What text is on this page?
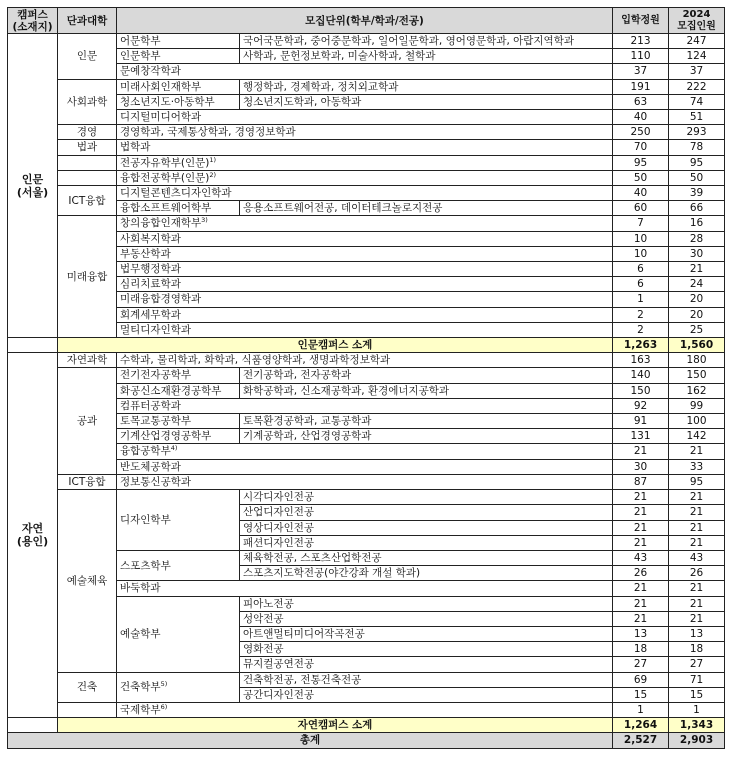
캠퍼스
(소재지)	단과대학	모집단위(학부/학과/전공)		입학정원	2024
모집인원
인문
(서울)	인문	어문학부	국어국문학과, 중어중문학과, 일어일문학과, 영어영문학과, 아랍지역학과	213	247
		인문학부	사학과, 문헌정보학과, 미술사학과, 철학과	110	124
		문예창작학과		37	37
	사회과학	미래사회인재학부	행정학과, 경제학과, 정치외교학과	191	222
		청소년지도·아동학부	청소년지도학과, 아동학과	63	74
		디지털미디어학과		40	51
	경영	경영학과, 국제통상학과, 경영정보학과		250	293
	법과	법학과		70	78
		전공자유학부(인문)$^{1)}$		95	95
		융합전공학부(인문)$^{2)}$		50	50
	ICT융합	디지털콘텐츠디자인학과		40	39
		융합소프트웨어학부	응용소프트웨어전공, 데이터테크놀로지전공	60	66
	미래융합	창의융합인재학부$^{3)}$		7	16
		사회복지학과		10	28
		부동산학과		10	30
		법무행정학과		6	21
		심리치료학과		6	24
		미래융합경영학과		1	20
		회계세무학과		2	20
		멀티디자인학과		2	25
	인문캠퍼스 소계			1,263	1,560
자연
(용인)	자연과학	수학과, 물리학과, 화학과, 식품영양학과, 생명과학정보학과		163	180
	공과	전기전자공학부	전기공학과, 전자공학과	140	150
		화공신소재환경공학부	화학공학과, 신소재공학과, 환경에너지공학과	150	162
		컴퓨터공학과		92	99
		토목교통공학부	토목환경공학과, 교통공학과	91	100
		기계산업경영공학부	기계공학과, 산업경영공학과	131	142
		융합공학부$^{4)}$		21	21
		반도체공학과		30	33
	ICT융합	정보통신공학과		87	95
	예술체육	디자인학부	시각디자인전공	21	21
			산업디자인전공	21	21
			영상디자인전공	21	21
			패션디자인전공	21	21
		스포츠학부	체육학전공, 스포츠산업학전공	43	43
			스포츠지도학전공(야간강좌 개설 학과)	26	26
		바둑학과		21	21
		예술학부	피아노전공	21	21
			성악전공	21	21
			아트앤멀티미디어작곡전공	13	13
			영화전공	18	18
			뮤지컬공연전공	27	27
	건축	건축학부$^{5)}$	건축학전공, 전통건축전공	69	71
			공간디자인전공	15	15
		국제학부$^{6)}$		1	1
	자연캠퍼스 소계			1,264	1,343
총계				2,527	2,903
